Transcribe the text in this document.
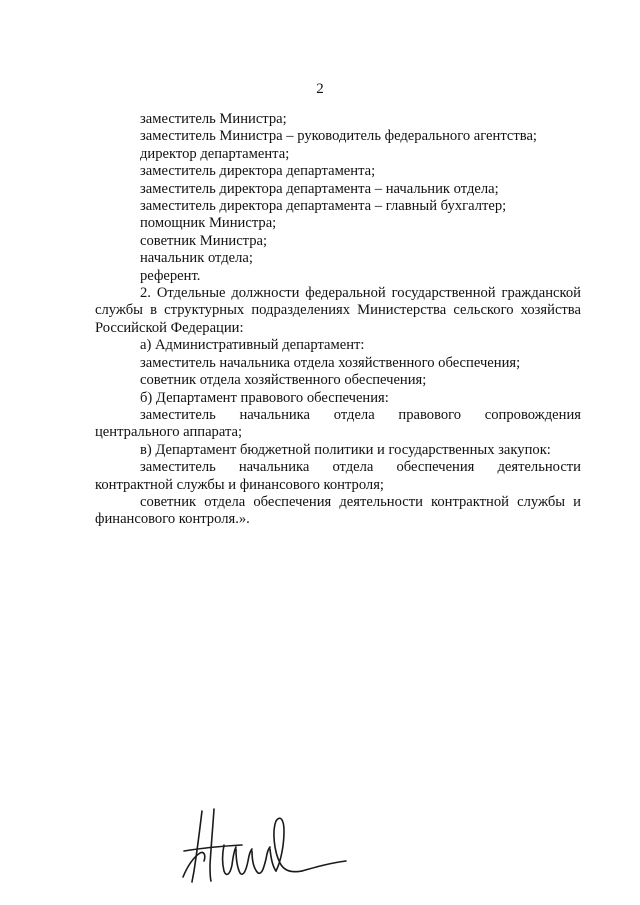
2
заместитель Министра;
заместитель Министра – руководитель федерального агентства;
директор департамента;
заместитель директора департамента;
заместитель директора департамента – начальник отдела;
заместитель директора департамента – главный бухгалтер;
помощник Министра;
советник Министра;
начальник отдела;
референт.
2. Отдельные должности федеральной государственной гражданской службы в структурных подразделениях Министерства сельского хозяйства Российской Федерации:
а) Административный департамент:
заместитель начальника отдела хозяйственного обеспечения;
советник отдела хозяйственного обеспечения;
б) Департамент правового обеспечения:
заместитель начальника отдела правового сопровождения центрального аппарата;
в) Департамент бюджетной политики и государственных закупок:
заместитель начальника отдела обеспечения деятельности контрактной службы и финансового контроля;
советник отдела обеспечения деятельности контрактной службы и финансового контроля.».
